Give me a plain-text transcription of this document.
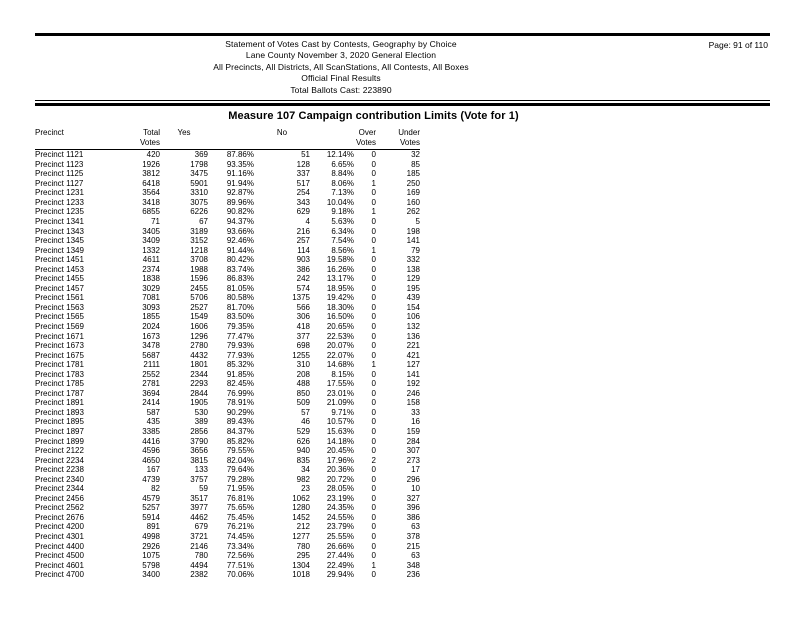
Statement of Votes Cast by Contests, Geography by Choice
Lane County November 3, 2020 General Election
All Precincts, All Districts, All ScanStations, All Contests, All Boxes
Official Final Results
Total Ballots Cast: 223890
Page: 91 of 110
Measure 107 Campaign contribution Limits (Vote for 1)
Precinct	Total
Votes

Yes		No		Over
Votes

Under
Votes

Precinct 1121	420	369	87.86%	51	12.14%	0	32
Precinct 1123	1926	1798	93.35%	128	6.65%	0	85
Precinct 1125	3812	3475	91.16%	337	8.84%	0	185
Precinct 1127	6418	5901	91.94%	517	8.06%	1	250
Precinct 1231	3564	3310	92.87%	254	7.13%	0	169
Precinct 1233	3418	3075	89.96%	343	10.04%	0	160
Precinct 1235	6855	6226	90.82%	629	9.18%	1	262
Precinct 1341	71	67	94.37%	4	5.63%	0	5
Precinct 1343	3405	3189	93.66%	216	6.34%	0	198
Precinct 1345	3409	3152	92.46%	257	7.54%	0	141
Precinct 1349	1332	1218	91.44%	114	8.56%	1	79
Precinct 1451	4611	3708	80.42%	903	19.58%	0	332
Precinct 1453	2374	1988	83.74%	386	16.26%	0	138
Precinct 1455	1838	1596	86.83%	242	13.17%	0	129
Precinct 1457	3029	2455	81.05%	574	18.95%	0	195
Precinct 1561	7081	5706	80.58%	1375	19.42%	0	439
Precinct 1563	3093	2527	81.70%	566	18.30%	0	154
Precinct 1565	1855	1549	83.50%	306	16.50%	0	106
Precinct 1569	2024	1606	79.35%	418	20.65%	0	132
Precinct 1671	1673	1296	77.47%	377	22.53%	0	136
Precinct 1673	3478	2780	79.93%	698	20.07%	0	221
Precinct 1675	5687	4432	77.93%	1255	22.07%	0	421
Precinct 1781	2111	1801	85.32%	310	14.68%	1	127
Precinct 1783	2552	2344	91.85%	208	8.15%	0	141
Precinct 1785	2781	2293	82.45%	488	17.55%	0	192
Precinct 1787	3694	2844	76.99%	850	23.01%	0	246
Precinct 1891	2414	1905	78.91%	509	21.09%	0	158
Precinct 1893	587	530	90.29%	57	9.71%	0	33
Precinct 1895	435	389	89.43%	46	10.57%	0	16
Precinct 1897	3385	2856	84.37%	529	15.63%	0	159
Precinct 1899	4416	3790	85.82%	626	14.18%	0	284
Precinct 2122	4596	3656	79.55%	940	20.45%	0	307
Precinct 2234	4650	3815	82.04%	835	17.96%	2	273
Precinct 2238	167	133	79.64%	34	20.36%	0	17
Precinct 2340	4739	3757	79.28%	982	20.72%	0	296
Precinct 2344	82	59	71.95%	23	28.05%	0	10
Precinct 2456	4579	3517	76.81%	1062	23.19%	0	327
Precinct 2562	5257	3977	75.65%	1280	24.35%	0	396
Precinct 2676	5914	4462	75.45%	1452	24.55%	0	386
Precinct 4200	891	679	76.21%	212	23.79%	0	63
Precinct 4301	4998	3721	74.45%	1277	25.55%	0	378
Precinct 4400	2926	2146	73.34%	780	26.66%	0	215
Precinct 4500	1075	780	72.56%	295	27.44%	0	63
Precinct 4601	5798	4494	77.51%	1304	22.49%	1	348
Precinct 4700	3400	2382	70.06%	1018	29.94%	0	236
